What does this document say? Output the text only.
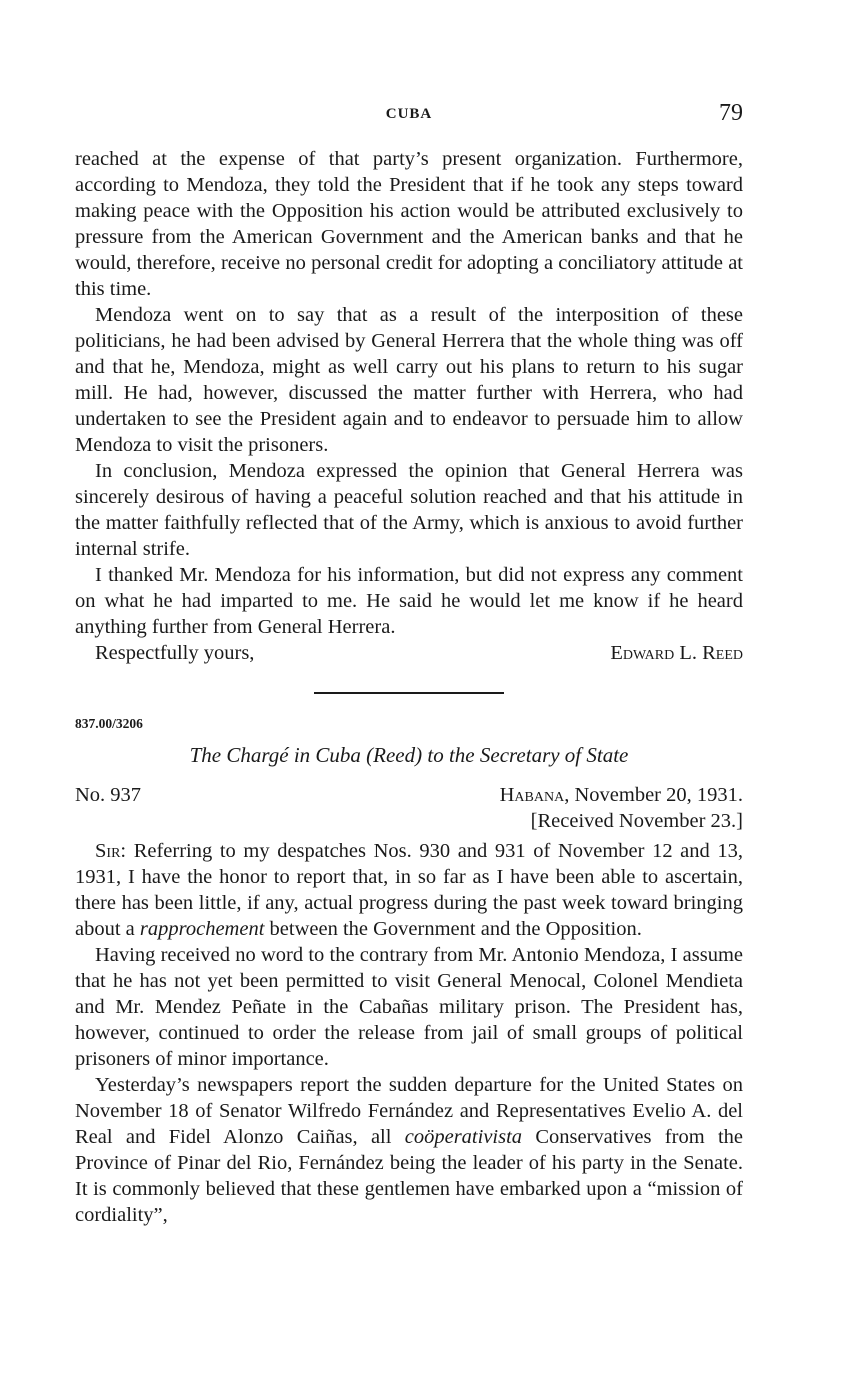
CUBA	79

reached at the expense of that party’s present organization. Furthermore, according to Mendoza, they told the President that if he took any steps toward making peace with the Opposition his action would be attributed exclusively to pressure from the American Government and the American banks and that he would, therefore, receive no personal credit for adopting a conciliatory attitude at this time.

Mendoza went on to say that as a result of the interposition of these politicians, he had been advised by General Herrera that the whole thing was off and that he, Mendoza, might as well carry out his plans to return to his sugar mill. He had, however, discussed the matter further with Herrera, who had undertaken to see the President again and to endeavor to persuade him to allow Mendoza to visit the prisoners.

In conclusion, Mendoza expressed the opinion that General Herrera was sincerely desirous of having a peaceful solution reached and that his attitude in the matter faithfully reflected that of the Army, which is anxious to avoid further internal strife.

I thanked Mr. Mendoza for his information, but did not express any comment on what he had imparted to me. He said he would let me know if he heard anything further from General Herrera.

Respectfully yours,	Edward L. Reed
837.00/3206
The Chargé in Cuba (Reed) to the Secretary of State
No. 937	Habana, November 20, 1931.
[Received November 23.]

Sir: Referring to my despatches Nos. 930 and 931 of November 12 and 13, 1931, I have the honor to report that, in so far as I have been able to ascertain, there has been little, if any, actual progress during the past week toward bringing about a rapprochement between the Government and the Opposition.

Having received no word to the contrary from Mr. Antonio Mendoza, I assume that he has not yet been permitted to visit General Menocal, Colonel Mendieta and Mr. Mendez Peñate in the Cabañas military prison. The President has, however, continued to order the release from jail of small groups of political prisoners of minor importance.

Yesterday’s newspapers report the sudden departure for the United States on November 18 of Senator Wilfredo Fernández and Representatives Evelio A. del Real and Fidel Alonzo Caiñas, all coöperativista Conservatives from the Province of Pinar del Rio, Fernández being the leader of his party in the Senate. It is commonly believed that these gentlemen have embarked upon a “mission of cordiality”,
